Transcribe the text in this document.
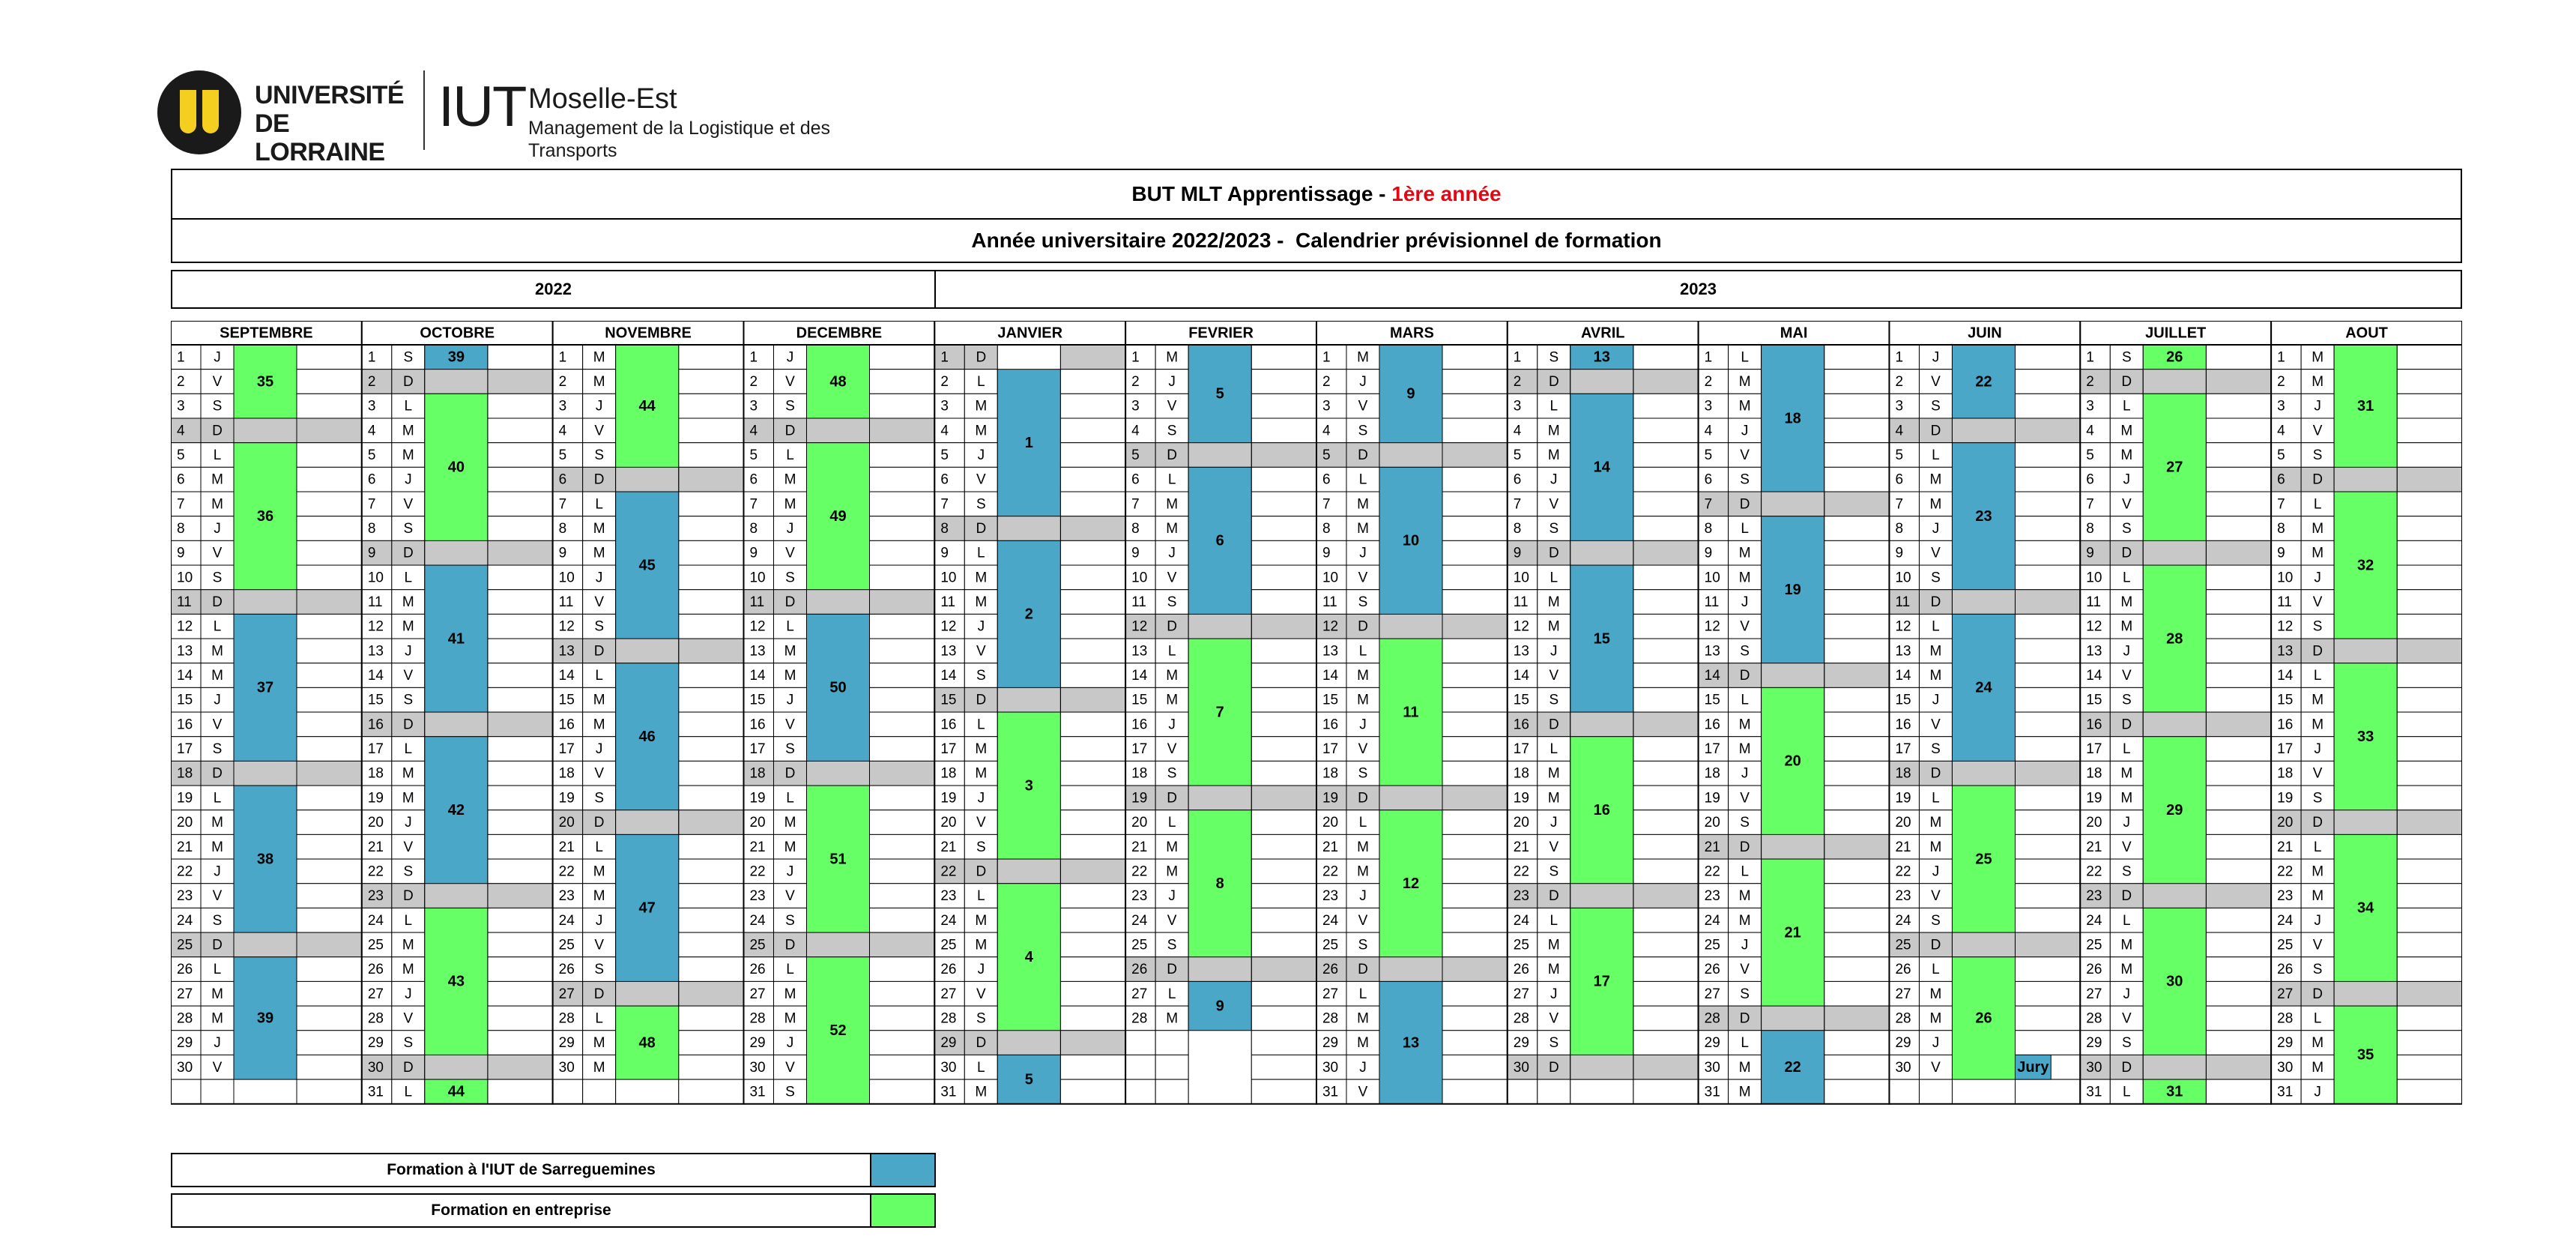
UNIVERSITÉ DE LORRAINE
IUT Moselle-Est
Management de la Logistique et des Transports
BUT MLT Apprentissage - 1ère année
Année universitaire 2022/2023 -  Calendrier prévisionnel de formation
2022	2023
SEPTEMBRE
1 J
2 V
3 S
4 D
5 L
6 M
7 M
8 J
9 V
10 S
11 D
12 L
13 M
14 M
15 J
16 V
17 S
18 D
19 L
20 M
21 M
22 J
23 V
24 S
25 D
26 L
27 M
28 M
29 J
30 V
35
36
37
38
39
OCTOBRE
1 S
2 D
3 L
4 M
5 M
6 J
7 V
8 S
9 D
10 L
11 M
12 M
13 J
14 V
15 S
16 D
17 L
18 M
19 M
20 J
21 V
22 S
23 D
24 L
25 M
26 M
27 J
28 V
29 S
30 D
31 L
39
40
41
42
43
44
NOVEMBRE
1 M
2 M
3 J
4 V
5 S
6 D
7 L
8 M
9 M
10 J
11 V
12 S
13 D
14 L
15 M
16 M
17 J
18 V
19 S
20 D
21 L
22 M
23 M
24 J
25 V
26 S
27 D
28 L
29 M
30 M
44
45
46
47
48
DECEMBRE
1 J
2 V
3 S
4 D
5 L
6 M
7 M
8 J
9 V
10 S
11 D
12 L
13 M
14 M
15 J
16 V
17 S
18 D
19 L
20 M
21 M
22 J
23 V
24 S
25 D
26 L
27 M
28 M
29 J
30 V
31 S
48
49
50
51
52
JANVIER
1 D
2 L
3 M
4 M
5 J
6 V
7 S
8 D
9 L
10 M
11 M
12 J
13 V
14 S
15 D
16 L
17 M
18 M
19 J
20 V
21 S
22 D
23 L
24 M
25 M
26 J
27 V
28 S
29 D
30 L
31 M
1
2
3
4
5
FEVRIER
1 M
2 J
3 V
4 S
5 D
6 L
7 M
8 M
9 J
10 V
11 S
12 D
13 L
14 M
15 M
16 J
17 V
18 S
19 D
20 L
21 M
22 M
23 J
24 V
25 S
26 D
27 L
28 M
5
6
7
8
9
MARS
1 M
2 J
3 V
4 S
5 D
6 L
7 M
8 M
9 J
10 V
11 S
12 D
13 L
14 M
15 M
16 J
17 V
18 S
19 D
20 L
21 M
22 M
23 J
24 V
25 S
26 D
27 L
28 M
29 M
30 J
31 V
9
10
11
12
13
AVRIL
1 S
2 D
3 L
4 M
5 M
6 J
7 V
8 S
9 D
10 L
11 M
12 M
13 J
14 V
15 S
16 D
17 L
18 M
19 M
20 J
21 V
22 S
23 D
24 L
25 M
26 M
27 J
28 V
29 S
30 D
13
14
15
16
17
MAI
1 L
2 M
3 M
4 J
5 V
6 S
7 D
8 L
9 M
10 M
11 J
12 V
13 S
14 D
15 L
16 M
17 M
18 J
19 V
20 S
21 D
22 L
23 M
24 M
25 J
26 V
27 S
28 D
29 L
30 M
31 M
18
19
20
21
22
JUIN
1 J
2 V
3 S
4 D
5 L
6 M
7 M
8 J
9 V
10 S
11 D
12 L
13 M
14 M
15 J
16 V
17 S
18 D
19 L
20 M
21 M
22 J
23 V
24 S
25 D
26 L
27 M
28 M
29 J
30 V
22
23
24
25
26
Jury
JUILLET
1 S
2 D
3 L
4 M
5 M
6 J
7 V
8 S
9 D
10 L
11 M
12 M
13 J
14 V
15 S
16 D
17 L
18 M
19 M
20 J
21 V
22 S
23 D
24 L
25 M
26 M
27 J
28 V
29 S
30 D
31 L
26
27
28
29
30
31
AOUT
1 M
2 M
3 J
4 V
5 S
6 D
7 L
8 M
9 M
10 J
11 V
12 S
13 D
14 L
15 M
16 M
17 J
18 V
19 S
20 D
21 L
22 M
23 M
24 J
25 V
26 S
27 D
28 L
29 M
30 M
31 J
31
32
33
34
35
Formation à l'IUT de Sarreguemines
Formation en entreprise
